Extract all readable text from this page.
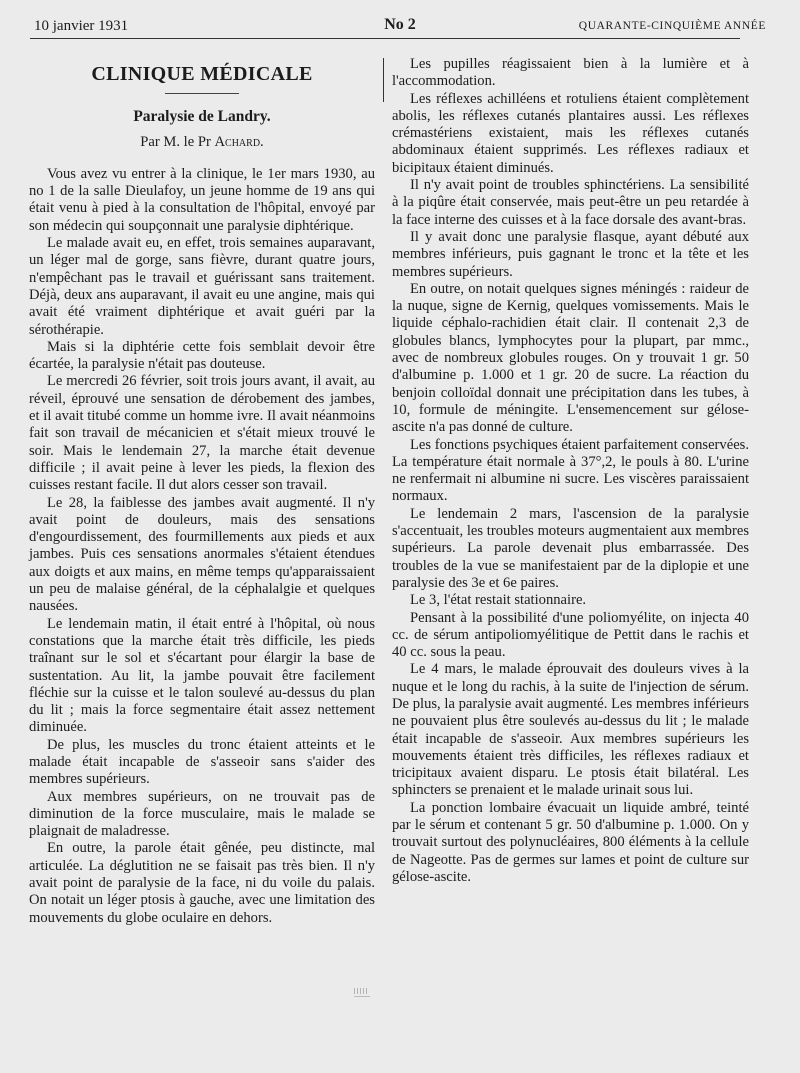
10 janvier 1931	No 2	QUARANTE-CINQUIÈME ANNÉE
CLINIQUE MÉDICALE
Paralysie de Landry.
Par M. le Pr Achard.

Vous avez vu entrer à la clinique, le 1er mars 1930, au no 1 de la salle Dieulafoy, un jeune homme de 19 ans qui était venu à pied à la consultation de l'hôpital, envoyé par son médecin qui soupçonnait une paralysie diphtérique.

Le malade avait eu, en effet, trois semaines auparavant, un léger mal de gorge, sans fièvre, durant quatre jours, n'empêchant pas le travail et guérissant sans traitement. Déjà, deux ans auparavant, il avait eu une angine, mais qui avait été vraiment diphtérique et avait guéri par la sérothérapie.

Mais si la diphtérie cette fois semblait devoir être écartée, la paralysie n'était pas douteuse.

Le mercredi 26 février, soit trois jours avant, il avait, au réveil, éprouvé une sensation de dérobement des jambes, et il avait titubé comme un homme ivre. Il avait néanmoins fait son travail de mécanicien et s'était mieux trouvé le soir. Mais le lendemain 27, la marche était devenue difficile ; il avait peine à lever les pieds, la flexion des cuisses restant facile. Il dut alors cesser son travail.

Le 28, la faiblesse des jambes avait augmenté. Il n'y avait point de douleurs, mais des sensations d'engourdissement, des fourmillements aux pieds et aux jambes. Puis ces sensations anormales s'étaient étendues aux doigts et aux mains, en même temps qu'apparaissaient un peu de malaise général, de la céphalalgie et quelques nausées.

Le lendemain matin, il était entré à l'hôpital, où nous constations que la marche était très difficile, les pieds traînant sur le sol et s'écartant pour élargir la base de sustentation. Au lit, la jambe pouvait être facilement fléchie sur la cuisse et le talon soulevé au-dessus du plan du lit ; mais la force segmentaire était assez nettement diminuée.

De plus, les muscles du tronc étaient atteints et le malade était incapable de s'asseoir sans s'aider des membres supérieurs.

Aux membres supérieurs, on ne trouvait pas de diminution de la force musculaire, mais le malade se plaignait de maladresse.

En outre, la parole était gênée, peu distincte, mal articulée. La déglutition ne se faisait pas très bien. Il n'y avait point de paralysie de la face, ni du voile du palais. On notait un léger ptosis à gauche, avec une limitation des mouvements du globe oculaire en dehors.

Les pupilles réagissaient bien à la lumière et à l'accommodation.

Les réflexes achilléens et rotuliens étaient complètement abolis, les réflexes cutanés plantaires aussi. Les réflexes crémastériens existaient, mais les réflexes cutanés abdominaux étaient supprimés. Les réflexes radiaux et bicipitaux étaient diminués.

Il n'y avait point de troubles sphinctériens. La sensibilité à la piqûre était conservée, mais peut-être un peu retardée à la face interne des cuisses et à la face dorsale des avant-bras.

Il y avait donc une paralysie flasque, ayant débuté aux membres inférieurs, puis gagnant le tronc et la tête et les membres supérieurs.

En outre, on notait quelques signes méningés : raideur de la nuque, signe de Kernig, quelques vomissements. Mais le liquide céphalo-rachidien était clair. Il contenait 2,3 de globules blancs, lymphocytes pour la plupart, par mmc., avec de nombreux globules rouges. On y trouvait 1 gr. 50 d'albumine p. 1.000 et 1 gr. 20 de sucre. La réaction du benjoin colloïdal donnait une précipitation dans les tubes, à 10, formule de méningite. L'ensemencement sur gélose-ascite n'a pas donné de culture.

Les fonctions psychiques étaient parfaitement conservées. La température était normale à 37°,2, le pouls à 80. L'urine ne renfermait ni albumine ni sucre. Les viscères paraissaient normaux.

Le lendemain 2 mars, l'ascension de la paralysie s'accentuait, les troubles moteurs augmentaient aux membres supérieurs. La parole devenait plus embarrassée. Des troubles de la vue se manifestaient par de la diplopie et une paralysie des 3e et 6e paires.

Le 3, l'état restait stationnaire.

Pensant à la possibilité d'une poliomyélite, on injecta 40 cc. de sérum antipoliomyélitique de Pettit dans le rachis et 40 cc. sous la peau.

Le 4 mars, le malade éprouvait des douleurs vives à la nuque et le long du rachis, à la suite de l'injection de sérum. De plus, la paralysie avait augmenté. Les membres inférieurs ne pouvaient plus être soulevés au-dessus du lit ; le malade était incapable de s'asseoir. Aux membres supérieurs les mouvements étaient très difficiles, les réflexes radiaux et tricipitaux avaient disparu. Le ptosis était bilatéral. Les sphincters se prenaient et le malade urinait sous lui.

La ponction lombaire évacuait un liquide ambré, teinté par le sérum et contenant 5 gr. 50 d'albumine p. 1.000. On y trouvait surtout des polynucléaires, 800 éléments à la cellule de Nageotte. Pas de germes sur lames et point de culture sur gélose-ascite.
